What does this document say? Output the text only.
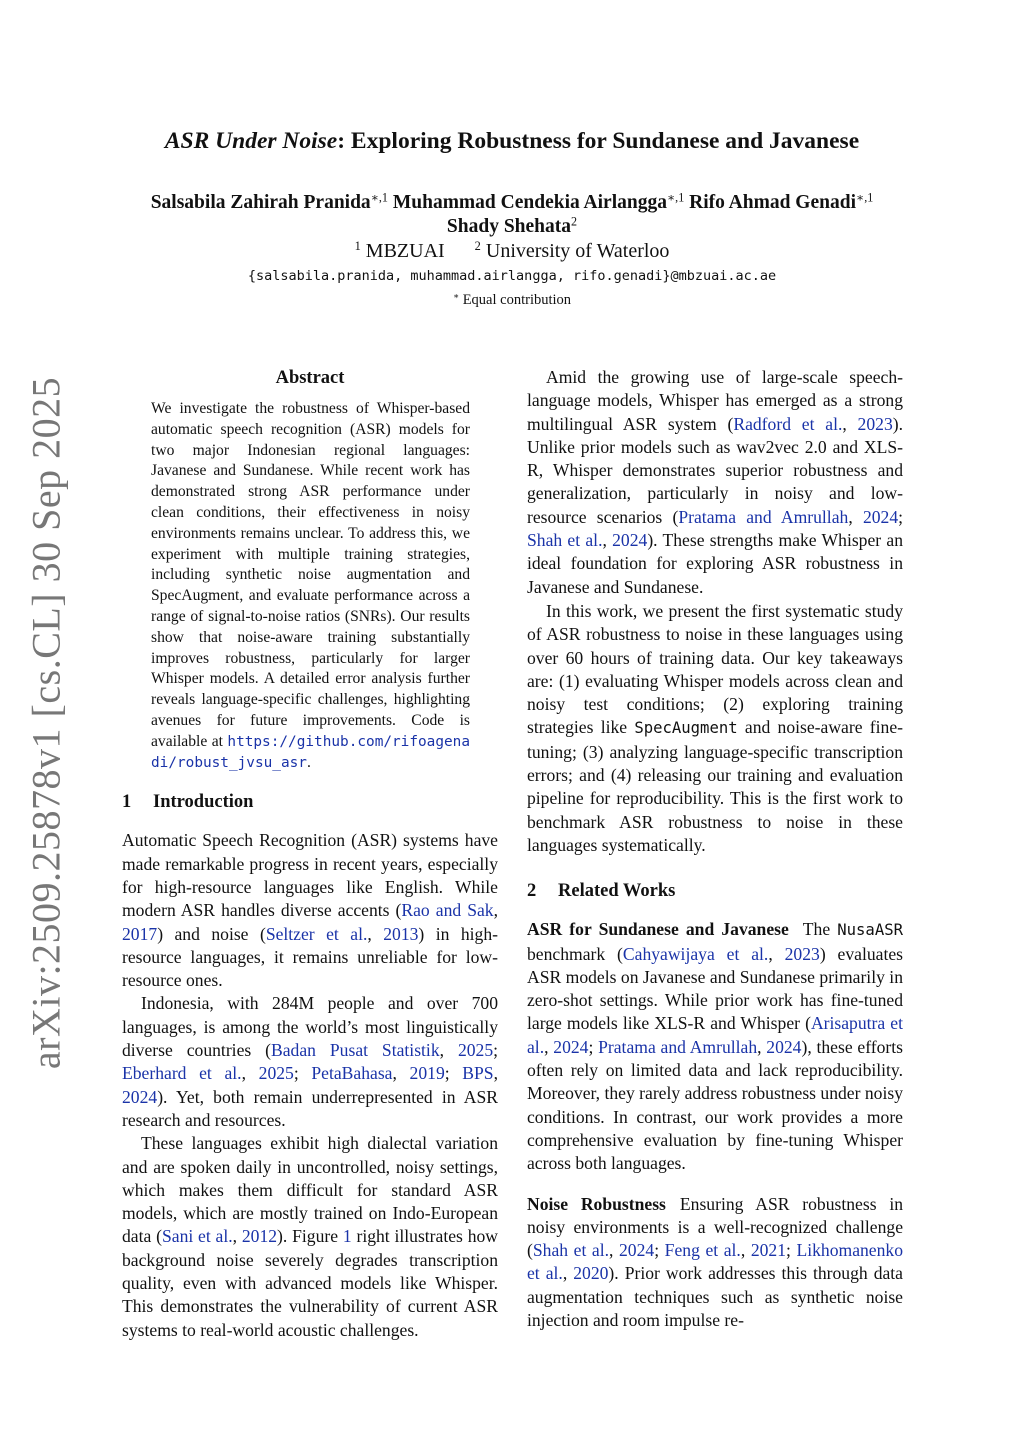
arXiv:2509.25878v1 [cs.CL] 30 Sep 2025
ASR Under Noise: Exploring Robustness for Sundanese and Javanese
Salsabila Zahirah Pranida$^{∗,1}$ Muhammad Cendekia Airlangga$^{∗,1}$ Rifo Ahmad Genadi$^{∗,1}$
Shady Shehata$^2$
$^1$ MBZUAI $^2$ University of Waterloo
{salsabila.pranida, muhammad.airlangga, rifo.genadi}@mbzuai.ac.ae
∗ Equal contribution
Abstract

We investigate the robustness of Whisper-based automatic speech recognition (ASR) models for two major Indonesian regional languages: Javanese and Sundanese. While recent work has demonstrated strong ASR performance under clean conditions, their effectiveness in noisy environments remains unclear. To address this, we experiment with multiple training strategies, including synthetic noise augmentation and SpecAugment, and evaluate performance across a range of signal-to-noise ratios (SNRs). Our results show that noise-aware training substantially improves robustness, particularly for larger Whisper models. A detailed error analysis further reveals language-specific challenges, highlighting avenues for future improvements. Code is available at https://github.com/rifoagenadi/robust_jvsu_asr.

1 Introduction

Automatic Speech Recognition (ASR) systems have made remarkable progress in recent years, especially for high-resource languages like English. While modern ASR handles diverse accents (Rao and Sak, 2017) and noise (Seltzer et al., 2013) in high-resource languages, it remains unreliable for low-resource ones.

Indonesia, with 284M people and over 700 languages, is among the world’s most linguistically diverse countries (Badan Pusat Statistik, 2025; Eberhard et al., 2025; PetaBahasa, 2019; BPS, 2024). Yet, both remain underrepresented in ASR research and resources.

These languages exhibit high dialectal variation and are spoken daily in uncontrolled, noisy settings, which makes them difficult for standard ASR models, which are mostly trained on Indo-European data (Sani et al., 2012). Figure 1 right illustrates how background noise severely degrades transcription quality, even with advanced models like Whisper. This demonstrates the vulnerability of current ASR systems to real-world acoustic challenges.

Amid the growing use of large-scale speech-language models, Whisper has emerged as a strong multilingual ASR system (Radford et al., 2023). Unlike prior models such as wav2vec 2.0 and XLS-R, Whisper demonstrates superior robustness and generalization, particularly in noisy and low-resource scenarios (Pratama and Amrullah, 2024; Shah et al., 2024). These strengths make Whisper an ideal foundation for exploring ASR robustness in Javanese and Sundanese.

In this work, we present the first systematic study of ASR robustness to noise in these languages using over 60 hours of training data. Our key takeaways are: (1) evaluating Whisper models across clean and noisy test conditions; (2) exploring training strategies like SpecAugment and noise-aware fine-tuning; (3) analyzing language-specific transcription errors; and (4) releasing our training and evaluation pipeline for reproducibility. This is the first work to benchmark ASR robustness to noise in these languages systematically.

2 Related Works

ASR for Sundanese and Javanese The NusaASR benchmark (Cahyawijaya et al., 2023) evaluates ASR models on Javanese and Sundanese primarily in zero-shot settings. While prior work has fine-tuned large models like XLS-R and Whisper (Arisaputra et al., 2024; Pratama and Amrullah, 2024), these efforts often rely on limited data and lack reproducibility. Moreover, they rarely address robustness under noisy conditions. In contrast, our work provides a more comprehensive evaluation by fine-tuning Whisper across both languages.

Noise Robustness Ensuring ASR robustness in noisy environments is a well-recognized challenge (Shah et al., 2024; Feng et al., 2021; Likhomanenko et al., 2020). Prior work addresses this through data augmentation techniques such as synthetic noise injection and room impulse re-
